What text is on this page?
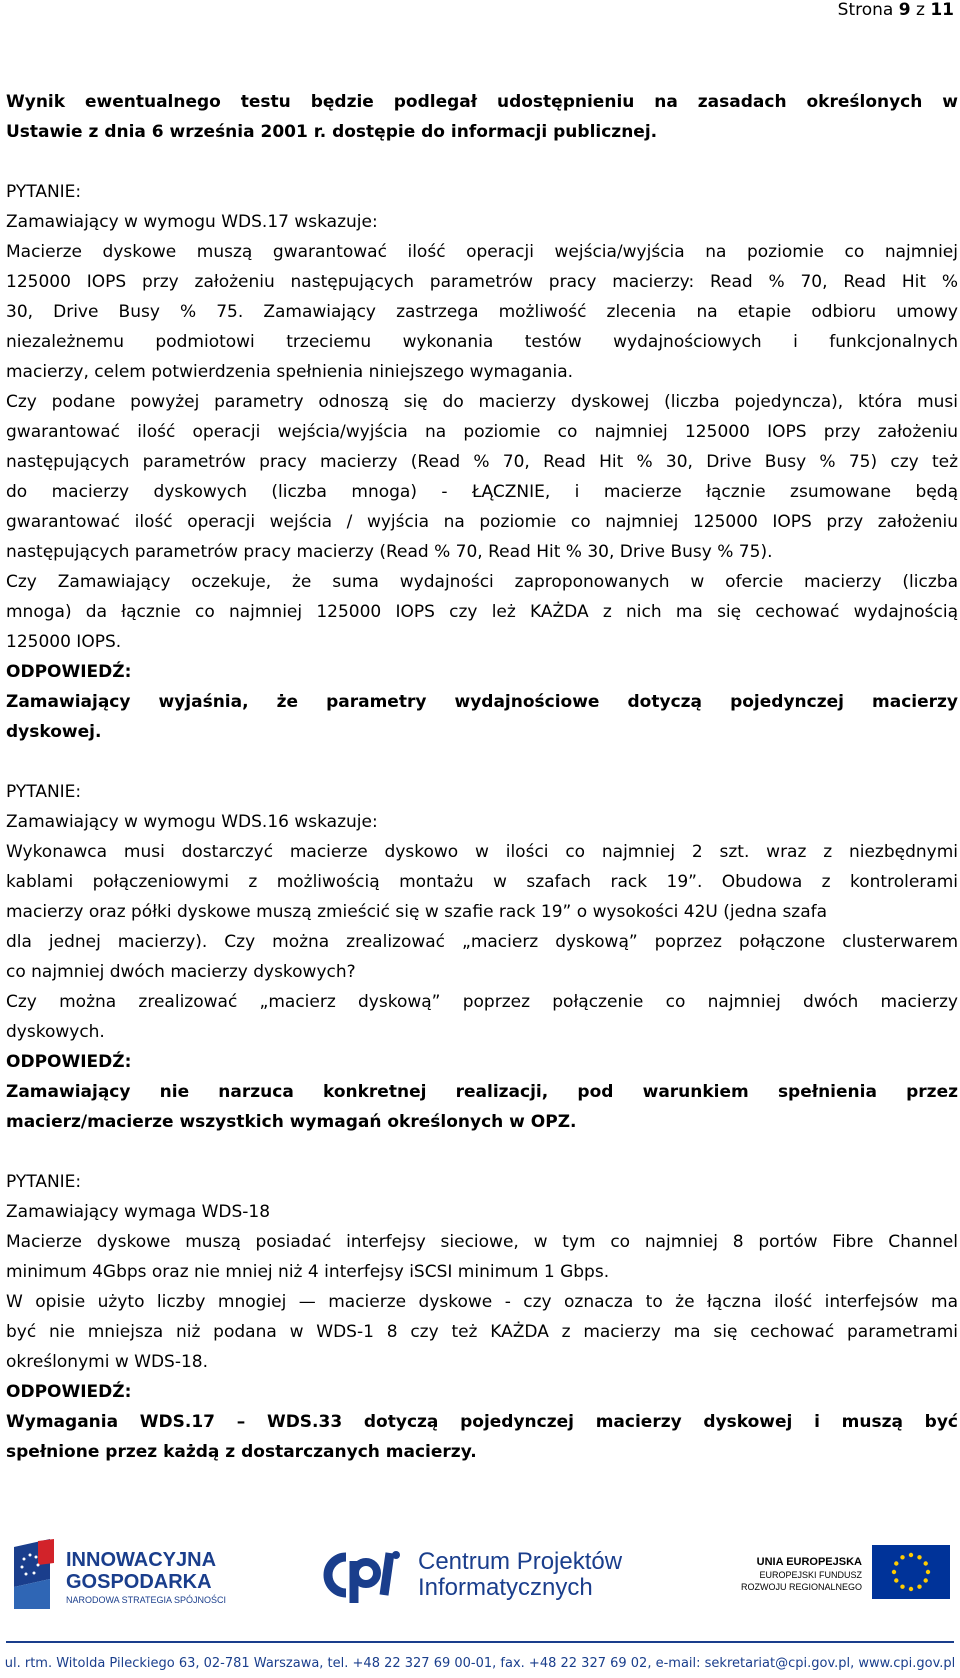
Strona 9 z 11

Wynik ewentualnego testu będzie podlegał udostępnieniu na zasadach określonych w

Ustawie z dnia 6 września 2001 r. dostępie do informacji publicznej.

PYTANIE:

Zamawiający w wymogu WDS.17 wskazuje:

Macierze dyskowe muszą gwarantować ilość operacji wejścia/wyjścia na poziomie co najmniej

125000 IOPS przy założeniu następujących parametrów pracy macierzy: Read % 70, Read Hit %

30, Drive Busy % 75. Zamawiający zastrzega możliwość zlecenia na etapie odbioru umowy

niezależnemu podmiotowi trzeciemu wykonania testów wydajnościowych i funkcjonalnych

macierzy, celem potwierdzenia spełnienia niniejszego wymagania.

Czy podane powyżej parametry odnoszą się do macierzy dyskowej (liczba pojedyncza), która musi

gwarantować ilość operacji wejścia/wyjścia na poziomie co najmniej 125000 IOPS przy założeniu

następujących parametrów pracy macierzy (Read % 70, Read Hit % 30, Drive Busy % 75) czy też

do macierzy dyskowych (liczba mnoga) - ŁĄCZNIE, i macierze łącznie zsumowane będą

gwarantować ilość operacji wejścia / wyjścia na poziomie co najmniej 125000 IOPS przy założeniu

następujących parametrów pracy macierzy (Read % 70, Read Hit % 30, Drive Busy % 75).

Czy Zamawiający oczekuje, że suma wydajności zaproponowanych w ofercie macierzy (liczba

mnoga) da łącznie co najmniej 125000 IOPS czy leż KAŻDA z nich ma się cechować wydajnością

125000 IOPS.

ODPOWIEDŹ:

Zamawiający wyjaśnia, że parametry wydajnościowe dotyczą pojedynczej macierzy

dyskowej.

PYTANIE:

Zamawiający w wymogu WDS.16 wskazuje:

Wykonawca musi dostarczyć macierze dyskowo w ilości co najmniej 2 szt. wraz z niezbędnymi

kablami połączeniowymi z możliwością montażu w szafach rack 19”. Obudowa z kontrolerami

macierzy oraz półki dyskowe muszą zmieścić się w szafie rack 19” o wysokości 42U (jedna szafa

dla jednej macierzy). Czy można zrealizować „macierz dyskową” poprzez połączone clusterwarem

co najmniej dwóch macierzy dyskowych?

Czy można zrealizować „macierz dyskową” poprzez połączenie co najmniej dwóch macierzy

dyskowych.

ODPOWIEDŹ:

Zamawiający nie narzuca konkretnej realizacji, pod warunkiem spełnienia przez

macierz/macierze wszystkich wymagań określonych w OPZ.

PYTANIE:

Zamawiający wymaga WDS-18

Macierze dyskowe muszą posiadać interfejsy sieciowe, w tym co najmniej 8 portów Fibre Channel

minimum 4Gbps oraz nie mniej niż 4 interfejsy iSCSI minimum 1 Gbps.

W opisie użyto liczby mnogiej — macierze dyskowe - czy oznacza to że łączna ilość interfejsów ma

być nie mniejsza niż podana w WDS-1 8 czy też KAŻDA z macierzy ma się cechować parametrami

określonymi w WDS-18.

ODPOWIEDŹ:

Wymagania WDS.17 – WDS.33 dotyczą pojedynczej macierzy dyskowej i muszą być

spełnione przez każdą z dostarczanych macierzy.

INNOWACYJNA
GOSPODARKA
NARODOWA STRATEGIA SPÓJNOŚCI
Centrum Projektów
Informatycznych
UNIA EUROPEJSKA
EUROPEJSKI FUNDUSZ
ROZWOJU REGIONALNEGO
ul. rtm. Witolda Pileckiego 63, 02-781 Warszawa, tel. +48 22 327 69 00-01, fax. +48 22 327 69 02, e-mail: sekretariat@cpi.gov.pl, www.cpi.gov.pl
